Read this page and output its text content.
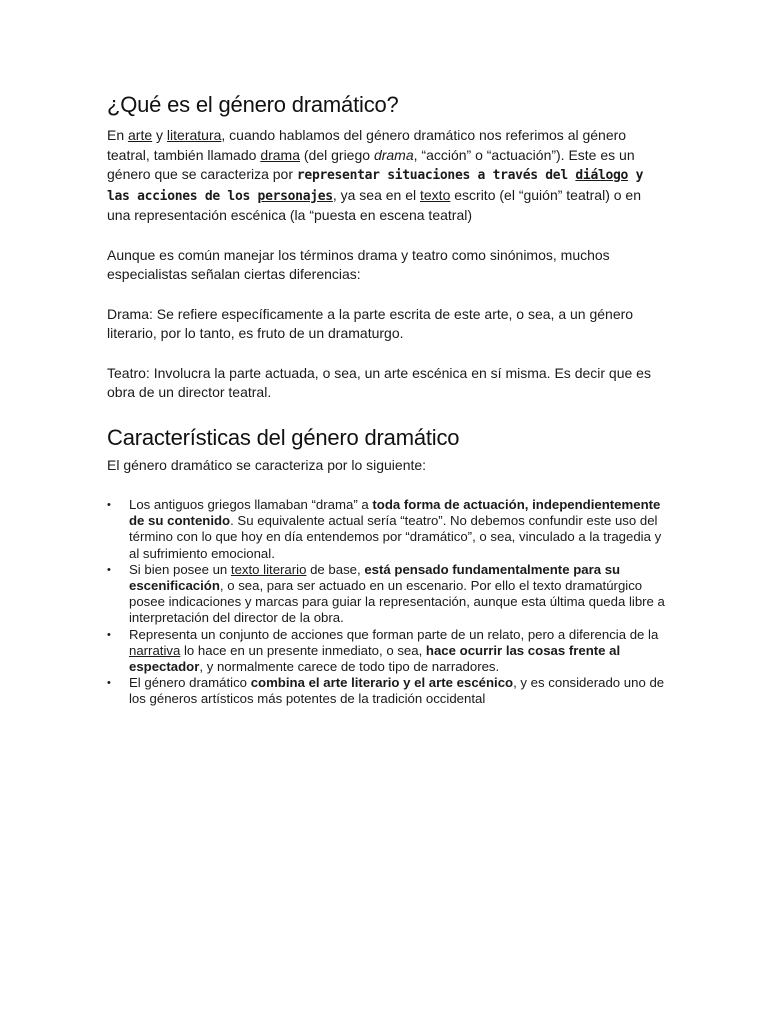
¿Qué es el género dramático?

En arte y literatura, cuando hablamos del género dramático nos referimos al género teatral, también llamado drama (del griego drama, “acción” o “actuación”). Este es un género que se caracteriza por representar situaciones a través del diálogo y las acciones de los personajes, ya sea en el texto escrito (el “guión” teatral) o en una representación escénica (la “puesta en escena teatral)

Aunque es común manejar los términos drama y teatro como sinónimos, muchos especialistas señalan ciertas diferencias:

Drama: Se refiere específicamente a la parte escrita de este arte, o sea, a un género literario, por lo tanto, es fruto de un dramaturgo.

Teatro: Involucra la parte actuada, o sea, un arte escénica en sí misma. Es decir que es obra de un director teatral.

Características del género dramático

El género dramático se caracteriza por lo siguiente:

• Los antiguos griegos llamaban “drama” a toda forma de actuación, independientemente de su contenido. Su equivalente actual sería “teatro”. No debemos confundir este uso del término con lo que hoy en día entendemos por “dramático”, o sea, vinculado a la tragedia y al sufrimiento emocional.
• Si bien posee un texto literario de base, está pensado fundamentalmente para su escenificación, o sea, para ser actuado en un escenario. Por ello el texto dramatúrgico posee indicaciones y marcas para guiar la representación, aunque esta última queda libre a interpretación del director de la obra.
• Representa un conjunto de acciones que forman parte de un relato, pero a diferencia de la narrativa lo hace en un presente inmediato, o sea, hace ocurrir las cosas frente al espectador, y normalmente carece de todo tipo de narradores.
• El género dramático combina el arte literario y el arte escénico, y es considerado uno de los géneros artísticos más potentes de la tradición occidental
